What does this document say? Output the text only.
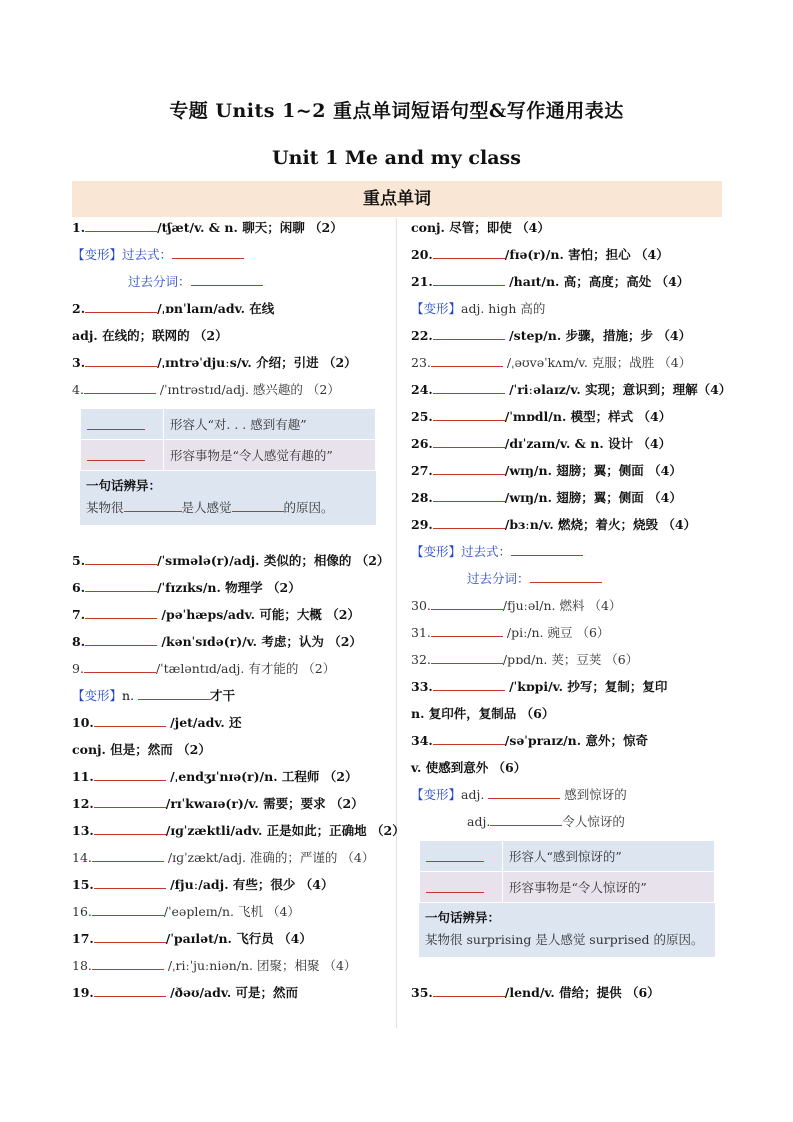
专题 Units 1~2 重点单词短语句型&写作通用表达
Unit 1 Me and my class
重点单词
1.	/tʃæt/v. & n. 聊天；闲聊 （2）
【变形】过去式：
过去分词：
2.	/ˌɒnˈlaɪn/adv. 在线
adj. 在线的；联网的 （2）
3.	/ˌɪntrəˈdjuːs/v. 介绍；引进 （2）
4.	/ˈɪntrəstɪd/adj. 感兴趣的 （2）
	形容人“对. . . 感到有趣”
	形容事物是“令人感觉有趣的”
一句话辨异：
某物很	是人感觉	的原因。
5.	/ˈsɪmələ(r)/adj. 类似的；相像的 （2）
6.	/ˈfɪzɪks/n. 物理学 （2）
7.	/pəˈhæps/adv. 可能；大概 （2）
8.	/kənˈsɪdə(r)/v. 考虑；认为 （2）
9.	/ˈtæləntɪd/adj. 有才能的 （2）
【变形】n.	才干
10.	/jet/adv. 还
conj. 但是；然而 （2）
11.	/ˌendʒɪˈnɪə(r)/n. 工程师 （2）
12.	/rɪˈkwaɪə(r)/v. 需要；要求 （2）
13.	/ɪɡˈzæktli/adv. 正是如此；正确地 （2）
14.	/ɪɡˈzækt/adj. 准确的；严谨的 （4）
15.	/fjuː/adj. 有些；很少 （4）
16.	/ˈeəpleɪn/n. 飞机 （4）
17.	/ˈpaɪlət/n. 飞行员 （4）
18.	/ˌriːˈjuːniən/n. 团聚；相聚 （4）
19.	/ðəʊ/adv. 可是；然而
conj. 尽管；即使 （4）
20.	/fɪə(r)/n. 害怕；担心 （4）
21.	/haɪt/n. 高；高度；高处 （4）
【变形】adj. high 高的
22.	/step/n. 步骤，措施；步 （4）
23.	/ˌəʊvəˈkʌm/v. 克服；战胜 （4）
24.	/ˈriːəlaɪz/v. 实现；意识到；理解（4）
25.	/ˈmɒdl/n. 模型；样式 （4）
26.	/dɪˈzaɪn/v. & n. 设计 （4）
27.	/wɪŋ/n. 翅膀；翼；侧面 （4）
28.	/wɪŋ/n. 翅膀；翼；侧面 （4）
29.	/bɜːn/v. 燃烧；着火；烧毁 （4）
【变形】过去式：
过去分词：
30.	/fjuːəl/n. 燃料 （4）
31.	/piː/n. 豌豆 （6）
32.	/pɒd/n. 荚；豆荚 （6）
33.	/ˈkɒpi/v. 抄写；复制；复印
n. 复印件，复制品 （6）
34.	/səˈpraɪz/n. 意外；惊奇
v. 使感到意外 （6）
【变形】adj.	感到惊讶的
adj.	令人惊讶的
	形容人“感到惊讶的”
	形容事物是“令人惊讶的”
一句话辨异：
某物很 surprising 是人感觉 surprised 的原因。
35.	/lend/v. 借给；提供 （6）
